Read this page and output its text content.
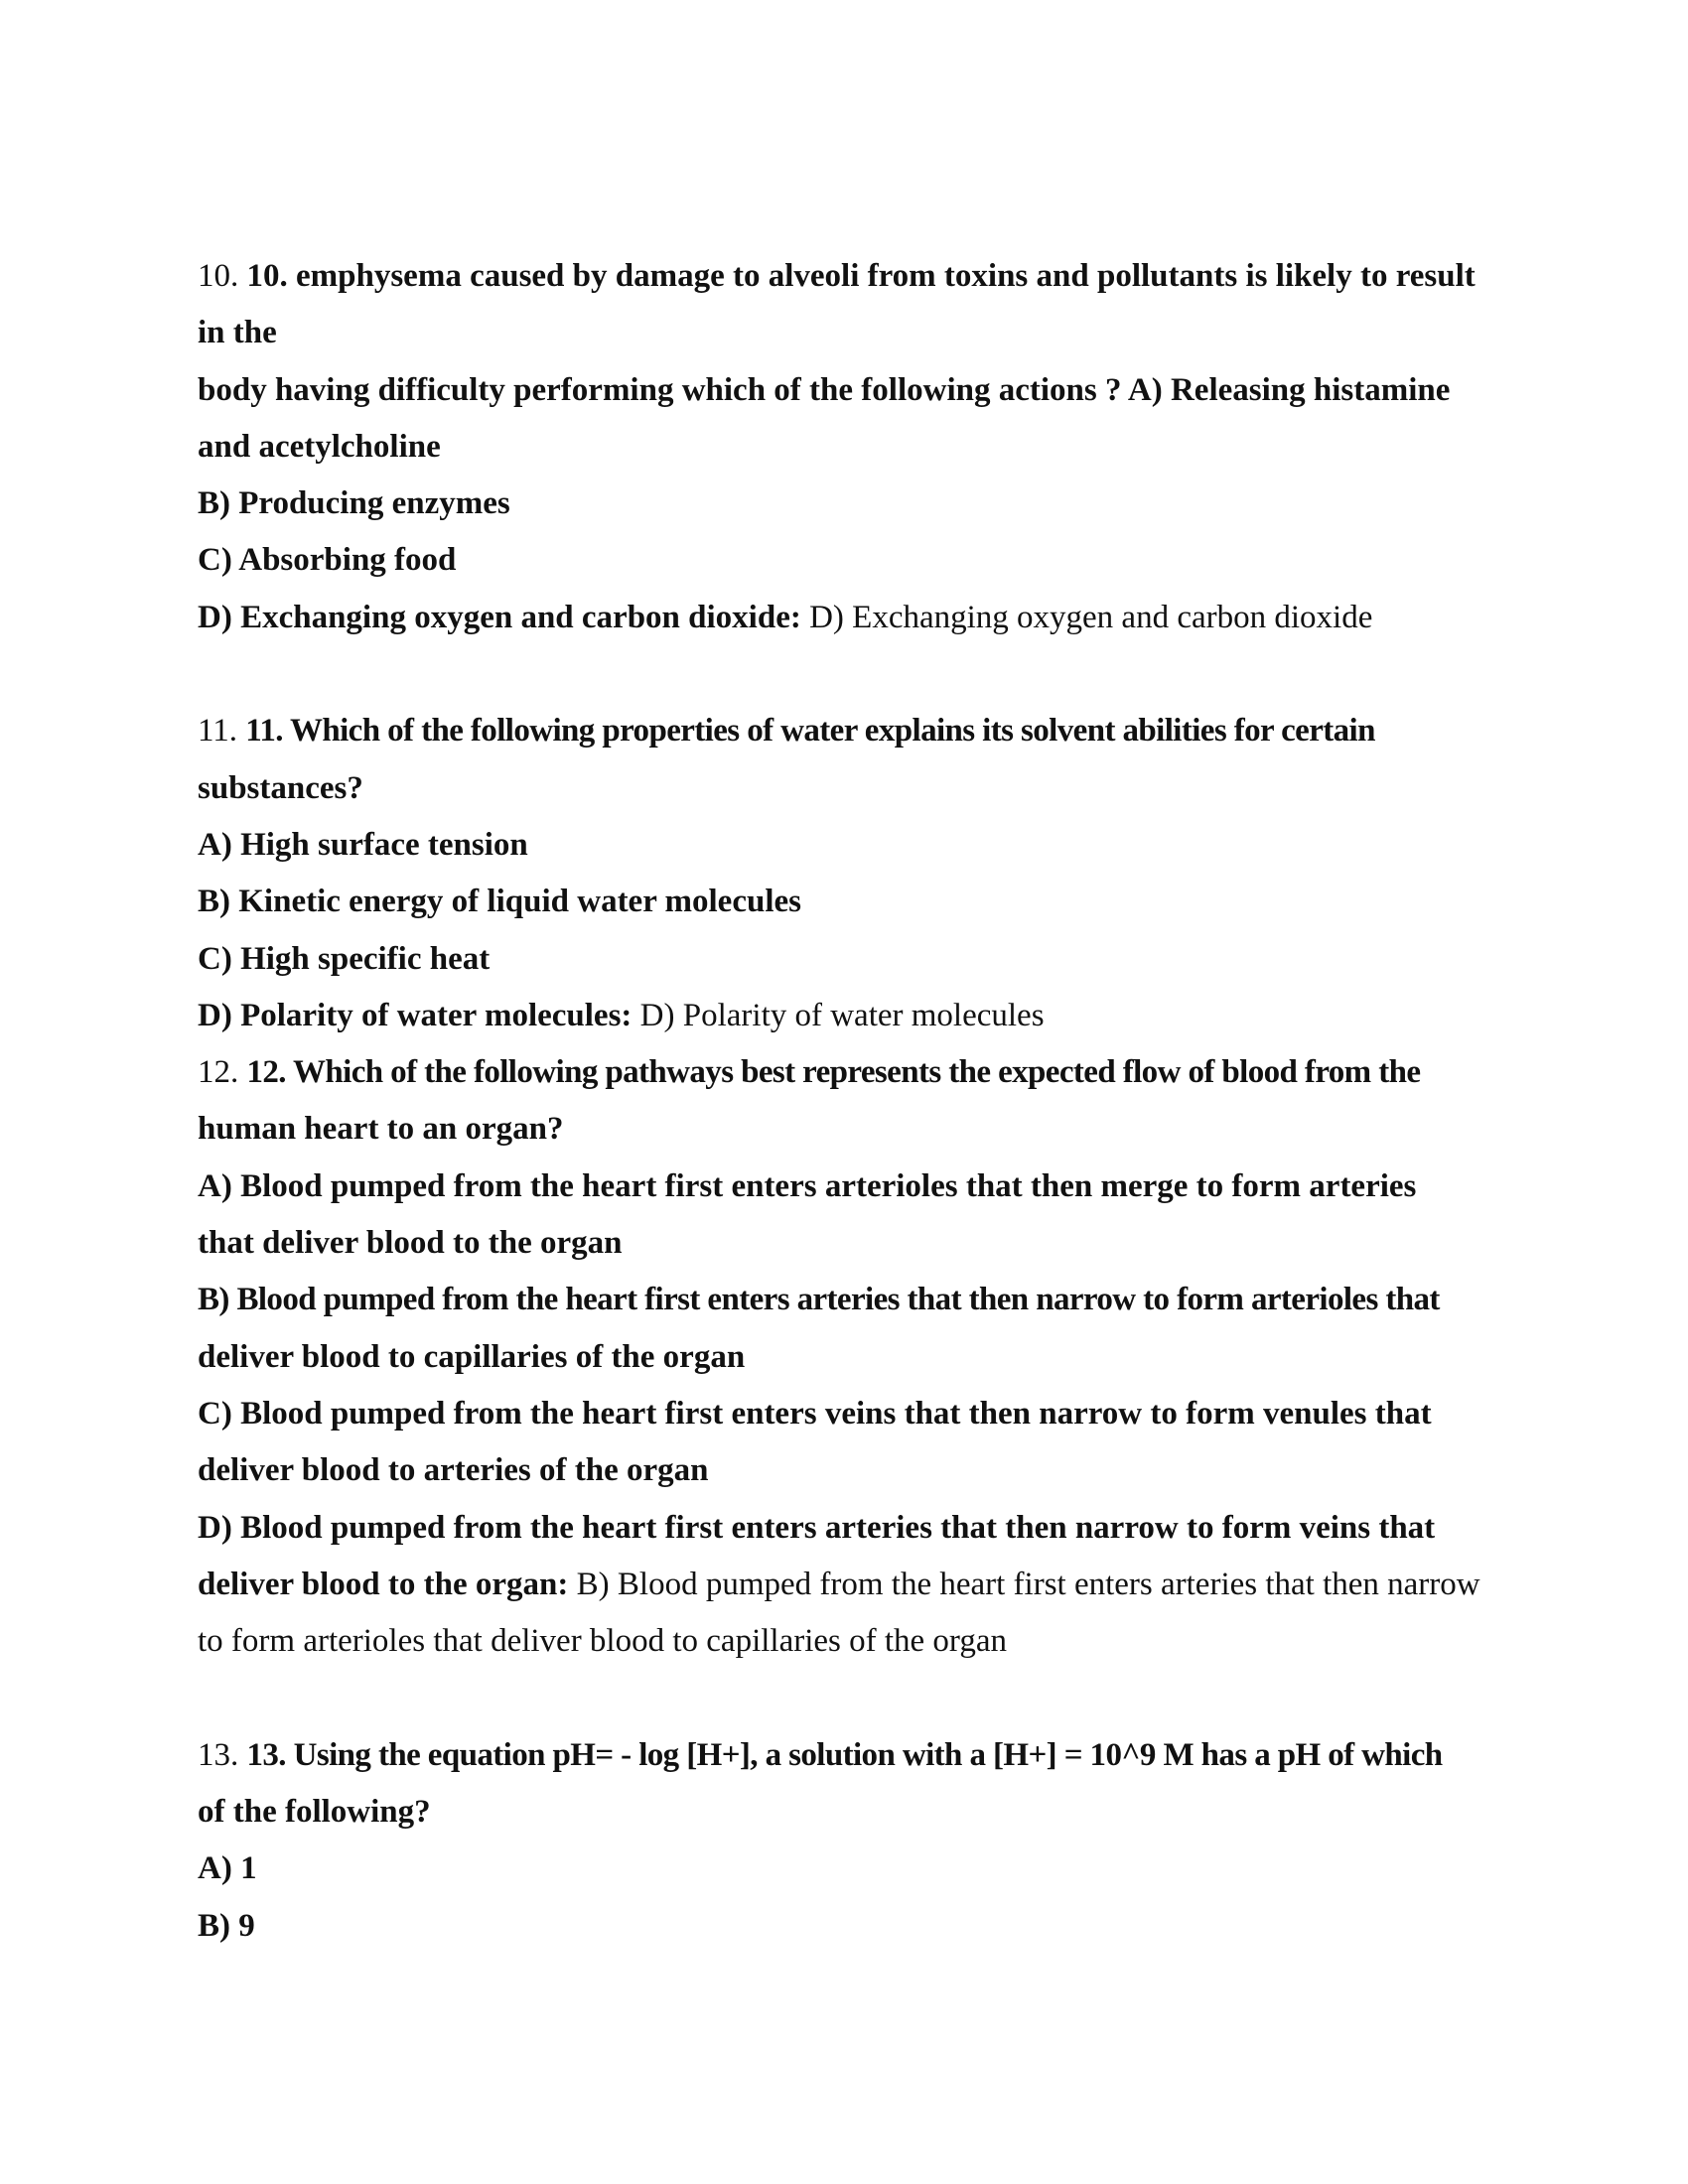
10. 10. emphysema caused by damage to alveoli from toxins and pollutants is likely to result
in the
body having difficulty performing which of the following actions ? A) Releasing histamine
and acetylcholine
B) Producing enzymes
C) Absorbing food
D) Exchanging oxygen and carbon dioxide: D) Exchanging oxygen and carbon dioxide
11. 11. Which of the following properties of water explains its solvent abilities for certain
substances?
A) High surface tension
B) Kinetic energy of liquid water molecules
C) High specific heat
D) Polarity of water molecules: D) Polarity of water molecules
12. 12. Which of the following pathways best represents the expected flow of blood from the
human heart to an organ?
A) Blood pumped from the heart first enters arterioles that then merge to form arteries
that deliver blood to the organ
B) Blood pumped from the heart first enters arteries that then narrow to form arterioles that
deliver blood to capillaries of the organ
C) Blood pumped from the heart first enters veins that then narrow to form venules that
deliver blood to arteries of the organ
D) Blood pumped from the heart first enters arteries that then narrow to form veins that
deliver blood to the organ: B) Blood pumped from the heart first enters arteries that then narrow
to form arterioles that deliver blood to capillaries of the organ
13. 13. Using the equation pH= - log [H+], a solution with a [H+] = 10^9 M has a pH of which
of the following?
A) 1
B) 9
